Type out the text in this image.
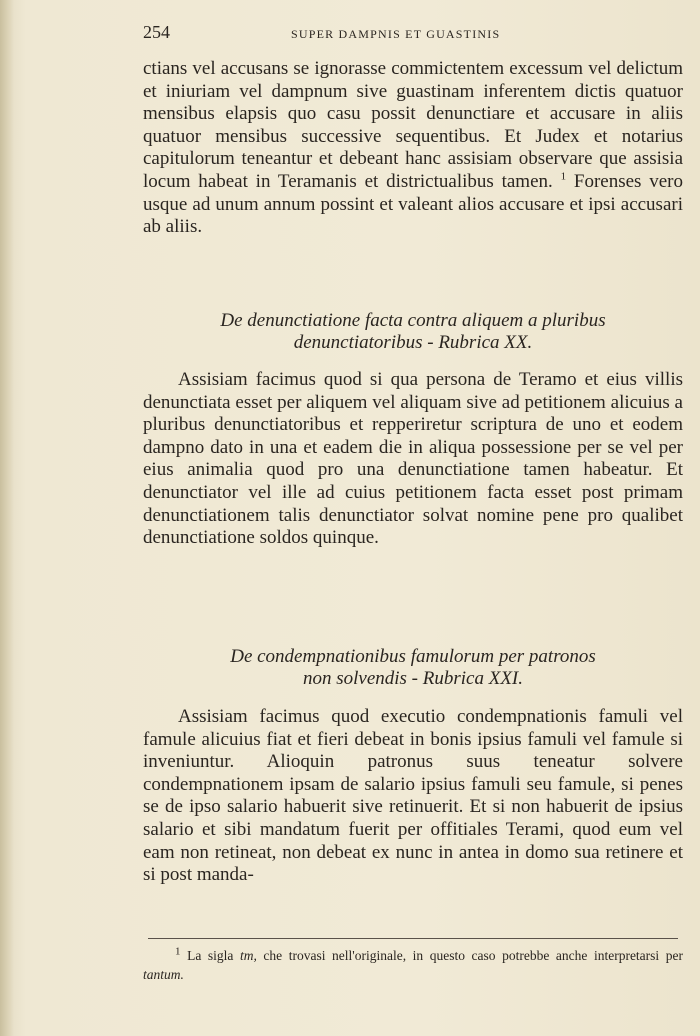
254	SUPER DAMPNIS ET GUASTINIS

ctians vel accusans se ignorasse commictentem excessum vel delictum et iniuriam vel dampnum sive guastinam inferentem dictis quatuor mensibus elapsis quo casu possit denunctiare et accusare in aliis quatuor mensibus successive sequentibus. Et Judex et notarius capitulorum teneantur et debeant hanc assisiam observare que assisia locum habeat in Teramanis et districtualibus tamen. $^1$ Forenses vero usque ad unum annum possint et valeant alios accusare et ipsi accusari ab aliis.

De denunctiatione facta contra aliquem a pluribus
denunctiatoribus - Rubrica XX.

Assisiam facimus quod si qua persona de Teramo et eius villis denunctiata esset per aliquem vel aliquam sive ad petitionem alicuius a pluribus denunctiatoribus et repperiretur scriptura de uno et eodem dampno dato in una et eadem die in aliqua possessione per se vel per eius animalia quod pro una denunctiatione tamen habeatur. Et denunctiator vel ille ad cuius petitionem facta esset post primam denunctiationem talis denunctiator solvat nomine pene pro qualibet denunctiatione soldos quinque.

De condempnationibus famulorum per patronos
non solvendis - Rubrica XXI.

Assisiam facimus quod executio condempnationis famuli vel famule alicuius fiat et fieri debeat in bonis ipsius famuli vel famule si inveniuntur. Alioquin patronus suus teneatur solvere condempnationem ipsam de salario ipsius famuli seu famule, si penes se de ipso salario habuerit sive retinuerit. Et si non habuerit de ipsius salario et sibi mandatum fuerit per offitiales Terami, quod eum vel eam non retineat, non debeat ex nunc in antea in domo sua retinere et si post manda-

$^1$ La sigla tm, che trovasi nell'originale, in questo caso potrebbe anche interpretarsi per tantum.
